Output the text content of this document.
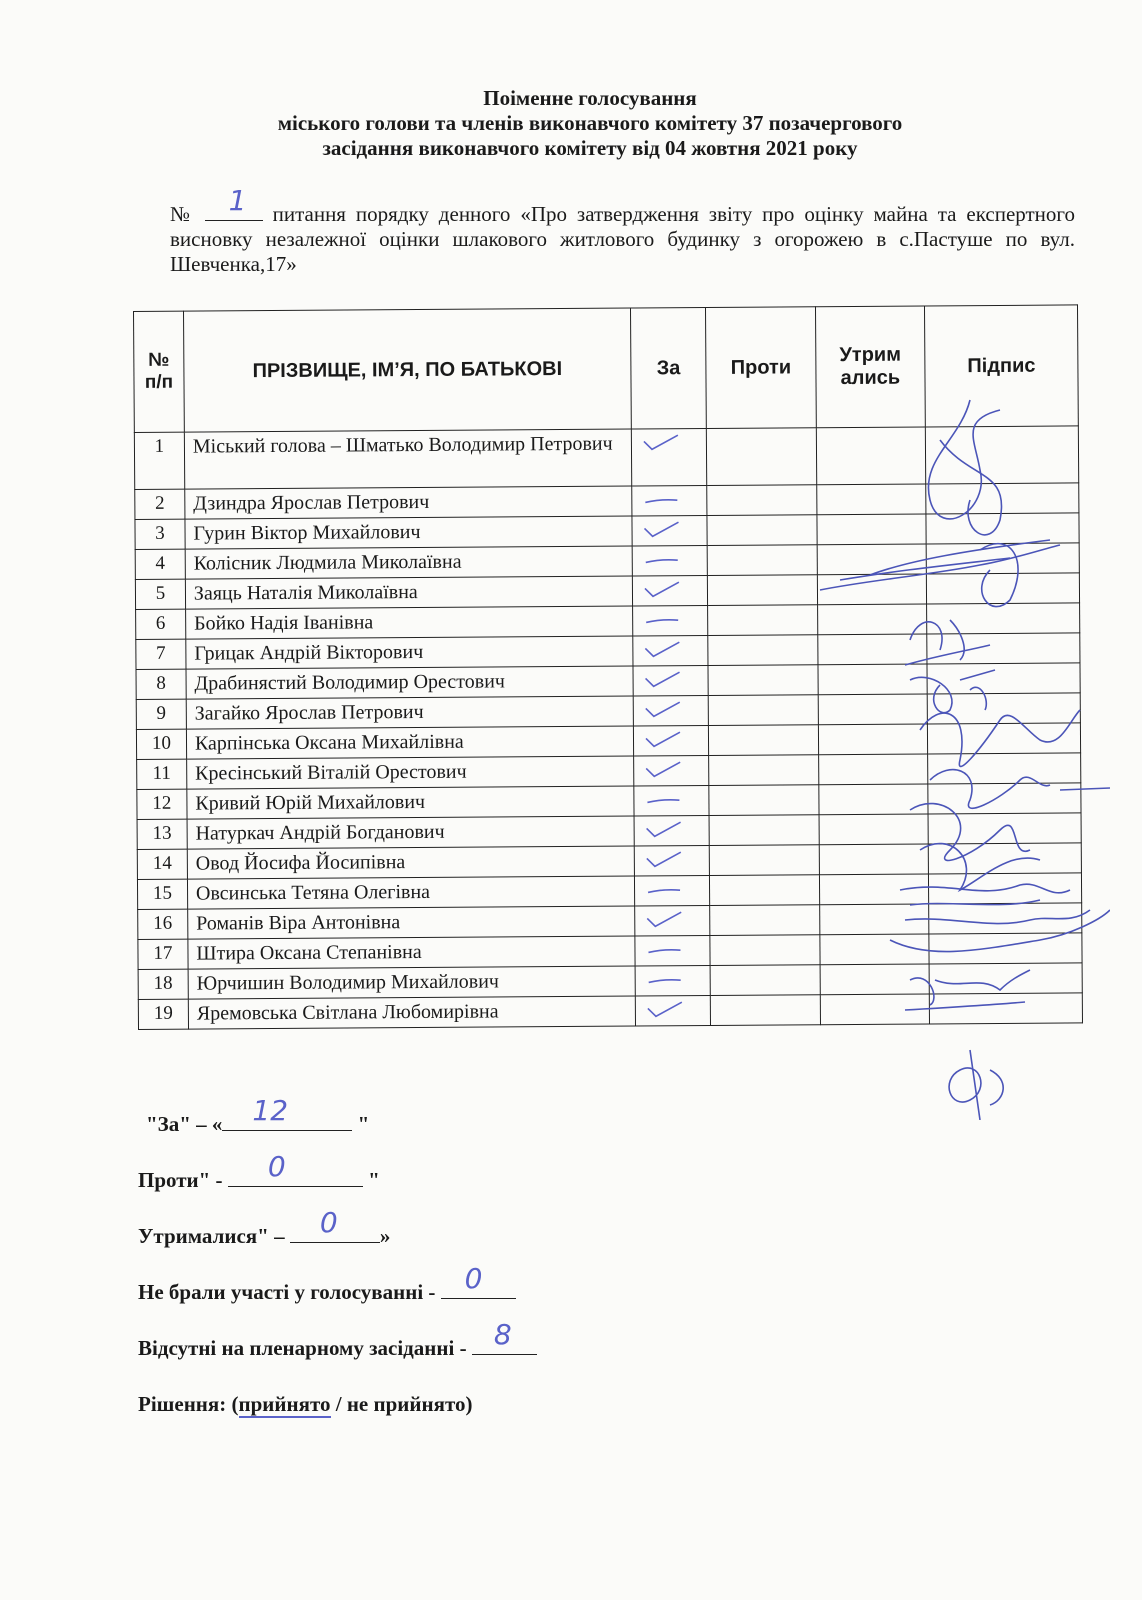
Поіменне голосування
міського голови та членів виконавчого комітету 37 позачергового
засідання виконавчого комітету від 04 жовтня 2021 року
№ 1 питання порядку денного «Про затвердження звіту про оцінку майна та експертного висновку незалежної оцінки шлакового житлового будинку з огорожею в с.Пастуше по вул. Шевченка,17»
№ п/п	ПРІЗВИЩЕ, ІМ’Я, ПО БАТЬКОВІ	За	Проти	Утрим ались	Підпис
1	Міський голова – Шматько Володимир Петрович	

2	Дзиндра Ярослав Петрович	

3	Гурин Віктор Михайлович	

4	Колісник Людмила Миколаївна	

5	Заяць Наталія Миколаївна	

6	Бойко Надія Іванівна	

7	Грицак Андрій Вікторович	

8	Драбинястий Володимир Орестович	

9	Загайко Ярослав Петрович	

10	Карпінська Оксана Михайлівна	

11	Кресінський Віталій Орестович	

12	Кривий Юрій Михайлович	

13	Натуркач Андрій Богданович	

14	Овод Йосифа Йосипівна	

15	Овсинська Тетяна Олегівна	

16	Романів Віра Антонівна	

17	Штира Оксана Степанівна	

18	Юрчишин Володимир Михайлович	

19	Яремовська Світлана Любомирівна	

"За" – « 12	"
Проти" - 0	"
Утрималися" – 0 »
Не брали участі у голосуванні - 0
Відсутні на пленарному засіданні - 8
Рішення: (прийнято / не прийнято)
